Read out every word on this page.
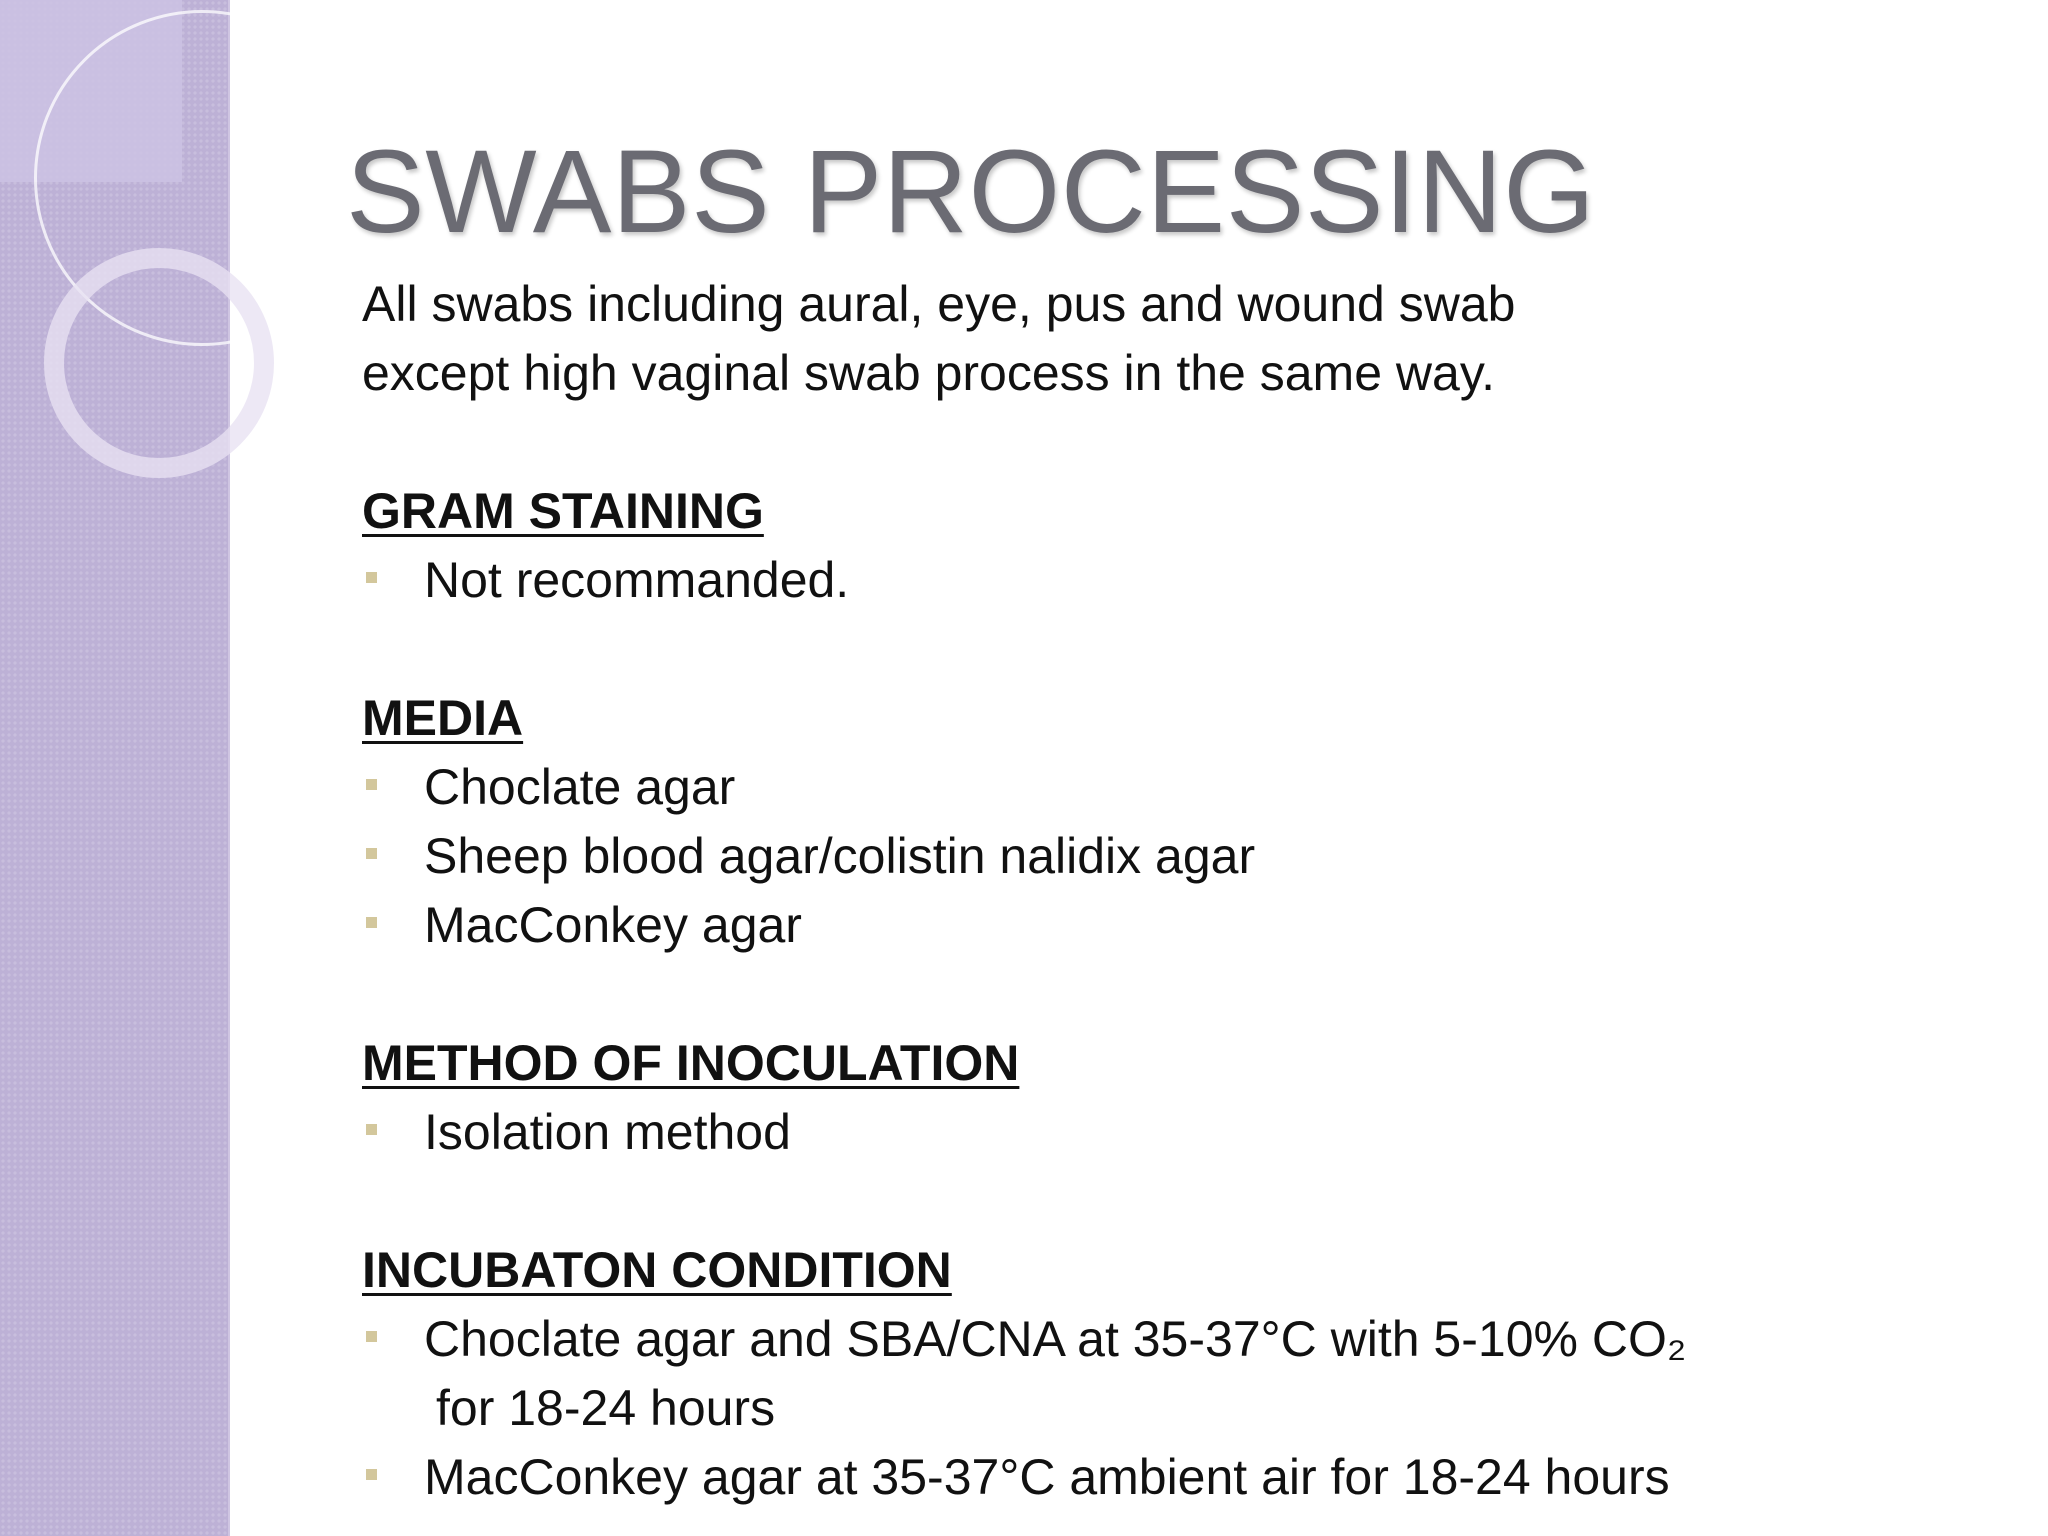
SWABS PROCESSING

All swabs including aural, eye, pus and wound swab

except high vaginal swab process in the same way.

GRAM STAINING
Not recommanded.
MEDIA
Choclate agar
Sheep blood agar/colistin nalidix agar
MacConkey agar
METHOD OF INOCULATION
Isolation method
INCUBATON CONDITION
Choclate agar and SBA/CNA at 35-37°C with 5-10% CO₂
for 18-24 hours
MacConkey agar at 35-37°C ambient air for 18-24 hours
